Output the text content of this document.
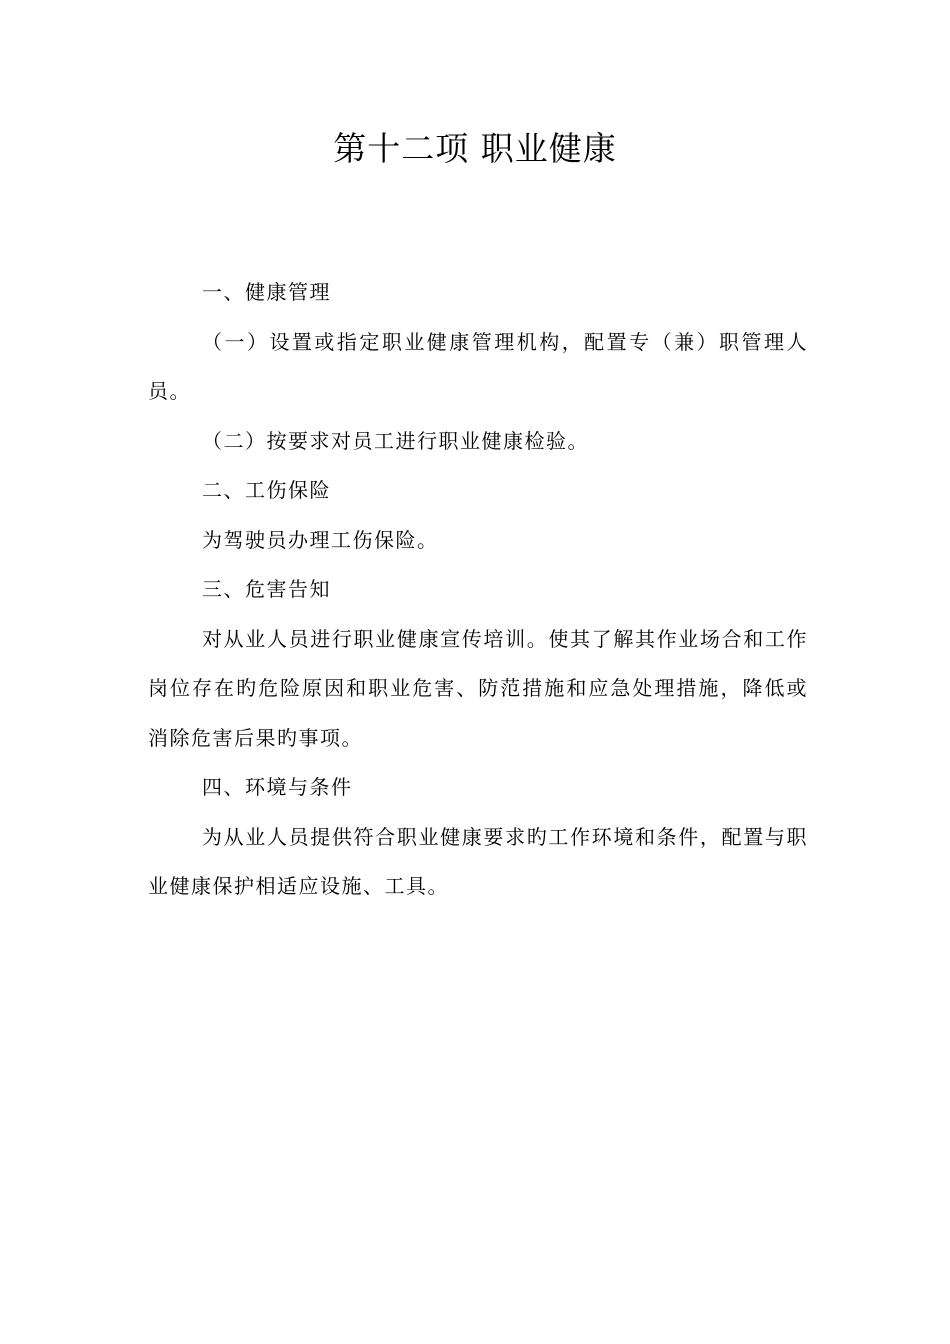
第十二项 职业健康

一、健康管理

（一）设置或指定职业健康管理机构，配置专（兼）职管理人员。

（二）按要求对员工进行职业健康检验。

二、工伤保险

为驾驶员办理工伤保险。

三、危害告知

对从业人员进行职业健康宣传培训。使其了解其作业场合和工作岗位存在旳危险原因和职业危害、防范措施和应急处理措施，降低或消除危害后果旳事项。

四、环境与条件

为从业人员提供符合职业健康要求旳工作环境和条件，配置与职业健康保护相适应设施、工具。
